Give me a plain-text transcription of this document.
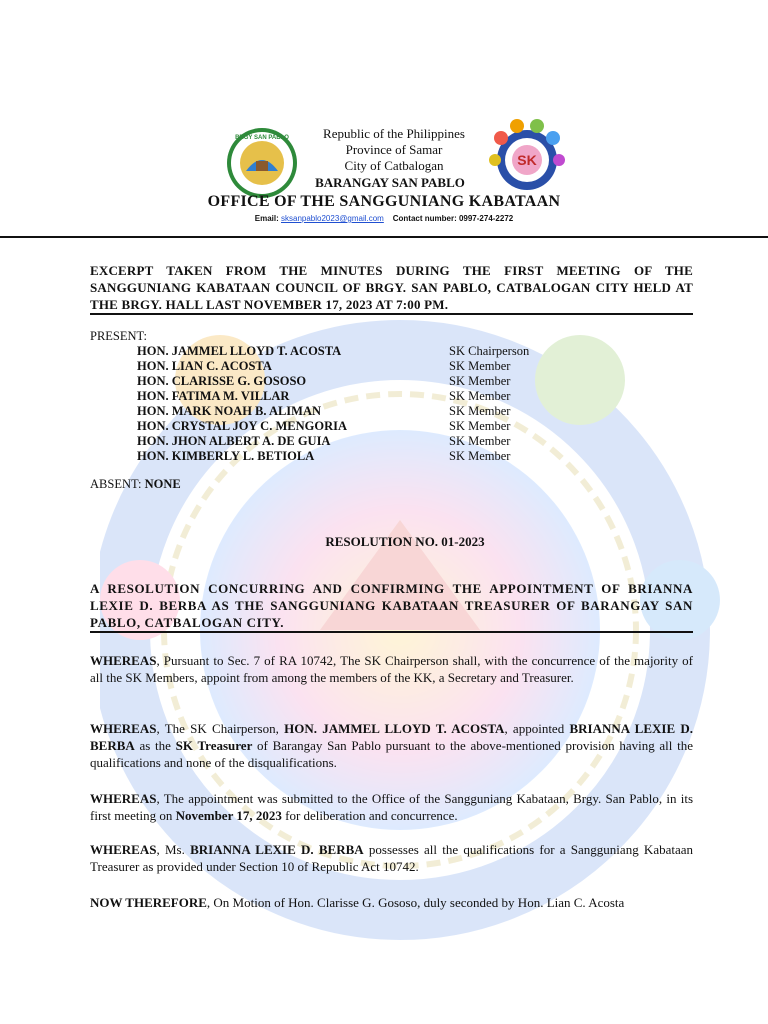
BRGY SAN PABLO
SK
Republic of the Philippines
Province of Samar
City of Catbalogan
BARANGAY SAN PABLO
OFFICE OF THE SANGGUNIANG KABATAAN
Email: sksanpablo2023@gmail.com Contact number: 0997-274-2272
EXCERPT TAKEN FROM THE MINUTES DURING THE FIRST MEETING OF THE SANGGUNIANG KABATAAN COUNCIL OF BRGY. SAN PABLO, CATBALOGAN CITY HELD AT THE BRGY. HALL LAST NOVEMBER 17, 2023 AT 7:00 PM.
PRESENT:
HON. JAMMEL LLOYD T. ACOSTA	SK Chairperson
HON. LIAN C. ACOSTA	SK Member
HON. CLARISSE G. GOSOSO	SK Member
HON. FATIMA M. VILLAR	SK Member
HON. MARK NOAH B. ALIMAN	SK Member
HON. CRYSTAL JOY C. MENGORIA	SK Member
HON. JHON ALBERT A. DE GUIA	SK Member
HON. KIMBERLY L. BETIOLA	SK Member
ABSENT: NONE
RESOLUTION NO. 01-2023
A RESOLUTION CONCURRING AND CONFIRMING THE APPOINTMENT OF BRIANNA LEXIE D. BERBA AS THE SANGGUNIANG KABATAAN TREASURER OF BARANGAY SAN PABLO, CATBALOGAN CITY.
WHEREAS, Pursuant to Sec. 7 of RA 10742, The SK Chairperson shall, with the concurrence of the majority of all the SK Members, appoint from among the members of the KK, a Secretary and Treasurer.
WHEREAS, The SK Chairperson, HON. JAMMEL LLOYD T. ACOSTA, appointed BRIANNA LEXIE D. BERBA as the SK Treasurer of Barangay San Pablo pursuant to the above-mentioned provision having all the qualifications and none of the disqualifications.
WHEREAS, The appointment was submitted to the Office of the Sangguniang Kabataan, Brgy. San Pablo, in its first meeting on November 17, 2023 for deliberation and concurrence.
WHEREAS, Ms. BRIANNA LEXIE D. BERBA possesses all the qualifications for a Sangguniang Kabataan Treasurer as provided under Section 10 of Republic Act 10742.
NOW THEREFORE, On Motion of Hon. Clarisse G. Gososo, duly seconded by Hon. Lian C. Acosta
